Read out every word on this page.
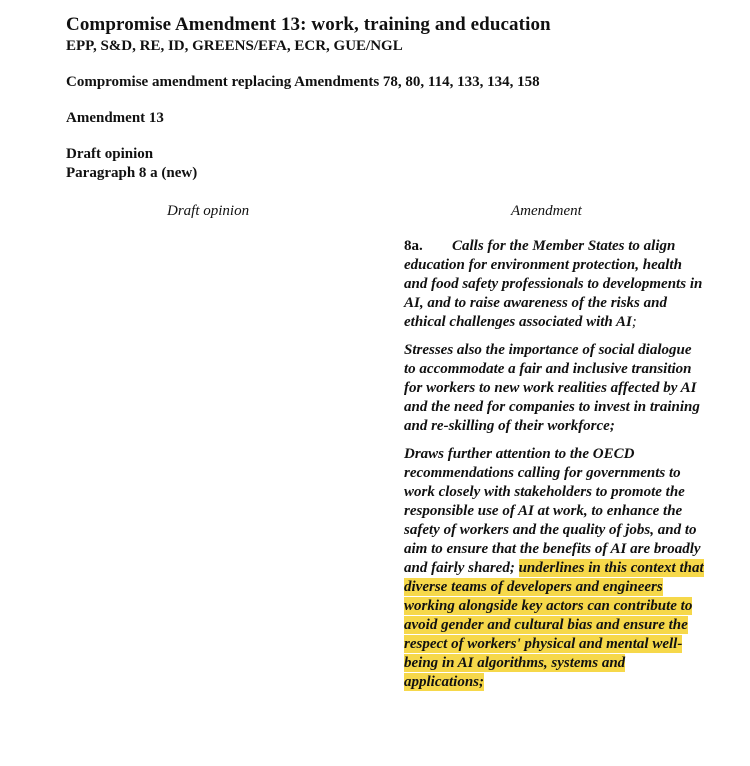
Compromise Amendment 13: work, training and education
EPP, S&D, RE, ID, GREENS/EFA, ECR, GUE/NGL
Compromise amendment replacing Amendments 78, 80, 114, 133, 134, 158
Amendment 13
Draft opinion
Paragraph 8 a (new)
Draft opinion	Amendment

8a. Calls for the Member States to align education for environment protection, health and food safety professionals to developments in AI, and to raise awareness of the risks and ethical challenges associated with AI;

Stresses also the importance of social dialogue to accommodate a fair and inclusive transition for workers to new work realities affected by AI and the need for companies to invest in training and re-skilling of their workforce;

Draws further attention to the OECD recommendations calling for governments to work closely with stakeholders to promote the responsible use of AI at work, to enhance the safety of workers and the quality of jobs, and to aim to ensure that the benefits of AI are broadly and fairly shared; underlines in this context that diverse teams of developers and engineers working alongside key actors can contribute to avoid gender and cultural bias and ensure the respect of workers' physical and mental well-being in AI algorithms, systems and applications;
